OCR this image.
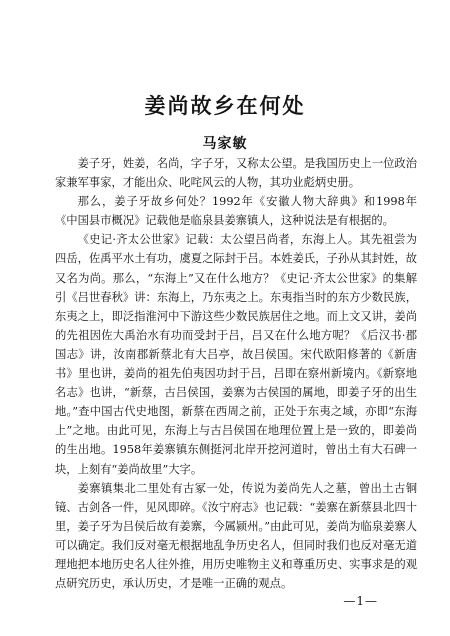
姜尚故乡在何处
马家敏

姜子牙，姓姜，名尚，字子牙，又称太公望。是我国历史上一位政治家兼军事家，才能出众、叱咤风云的人物，其功业彪炳史册。

那么，姜子牙故乡何处？1992年《安徽人物大辞典》和1998年《中国县市概况》记载他是临泉县姜寨镇人，这种说法是有根据的。

《史记·齐太公世家》记载：太公望吕尚者，东海上人。其先祖尝为四岳，佐禹平水土有功，虞夏之际封于吕。本姓姜氏，子孙从其封姓，故又名为尚。那么，“东海上”又在什么地方？《史记·齐太公世家》的集解引《吕世春秋》讲：东海上，乃东夷之上。东夷指当时的东方少数民族，东夷之上，即泛指淮河中下游这些少数民族居住之地。而上文又讲，姜尚的先祖因佐大禹治水有功而受封于吕，吕又在什么地方呢？《后汉书·郡国志》讲，汝南郡新蔡北有大吕亭，故吕侯国。宋代欧阳修著的《新唐书》里也讲，姜尚的祖先伯夷因功封于吕，吕即在察州新境内。《新察地名志》也讲，“新蔡，古吕侯国，姜寨为古侯国的属地，即姜子牙的出生地。”查中国古代史地图，新蔡在西周之前，正处于东夷之域，亦即“东海上”之地。由此可见，东海上与古吕侯国在地理位置上是一致的，即姜尚的生出地。1958年姜寨镇东侧挺河北岸开挖河道时，曾出土有大石碑一块，上刻有“姜尚故里”大字。

姜寨镇集北二里处有古冢一处，传说为姜尚先人之墓，曾出土古铜镜、古剑各一件，见风即碎。《汝宁府志》也记载：“姜寨在新蔡县北四十里，姜子牙为吕侯后故有姜寨，今属颍州。”由此可见，姜尚为临泉姜寨人可以确定。我们反对毫无根据地乱争历史名人，但同时我们也反对毫无道理地把本地历史名人往外推，用历史唯物主义和尊重历史、实事求是的观点研究历史，承认历史，才是唯一正确的观点。

—1—
